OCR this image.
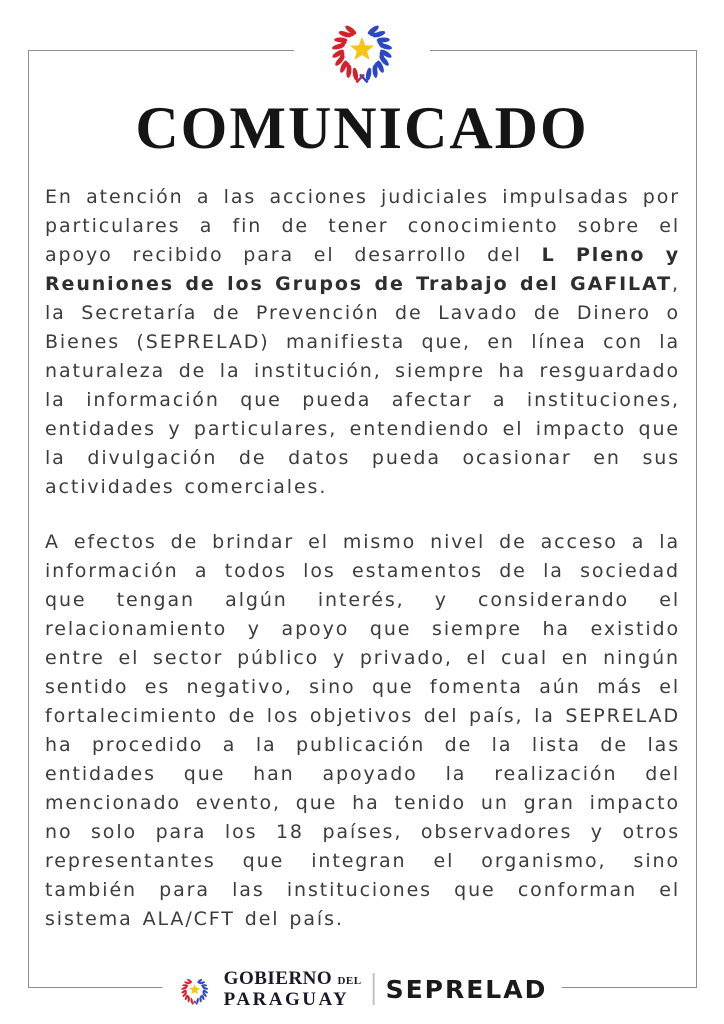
COMUNICADO

En atención a las acciones judiciales impulsadas por particulares a fin de tener conocimiento sobre el apoyo recibido para el desarrollo del L Pleno y Reuniones de los Grupos de Trabajo del GAFILAT, la Secretaría de Prevención de Lavado de Dinero o Bienes (SEPRELAD) manifiesta que, en línea con la naturaleza de la institución, siempre ha resguardado la información que pueda afectar a instituciones, entidades y particulares, entendiendo el impacto que la divulgación de datos pueda ocasionar en sus actividades comerciales.

A efectos de brindar el mismo nivel de acceso a la información a todos los estamentos de la sociedad que tengan algún interés, y considerando el relacionamiento y apoyo que siempre ha existido entre el sector público y privado, el cual en ningún sentido es negativo, sino que fomenta aún más el fortalecimiento de los objetivos del país, la SEPRELAD ha procedido a la publicación de la lista de las entidades que han apoyado la realización del mencionado evento, que ha tenido un gran impacto no solo para los 18 países, observadores y otros representantes que integran el organismo, sino también para las instituciones que conforman el sistema ALA/CFT del país.

GOBIERNO DEL
PARAGUAY	SEPRELAD
